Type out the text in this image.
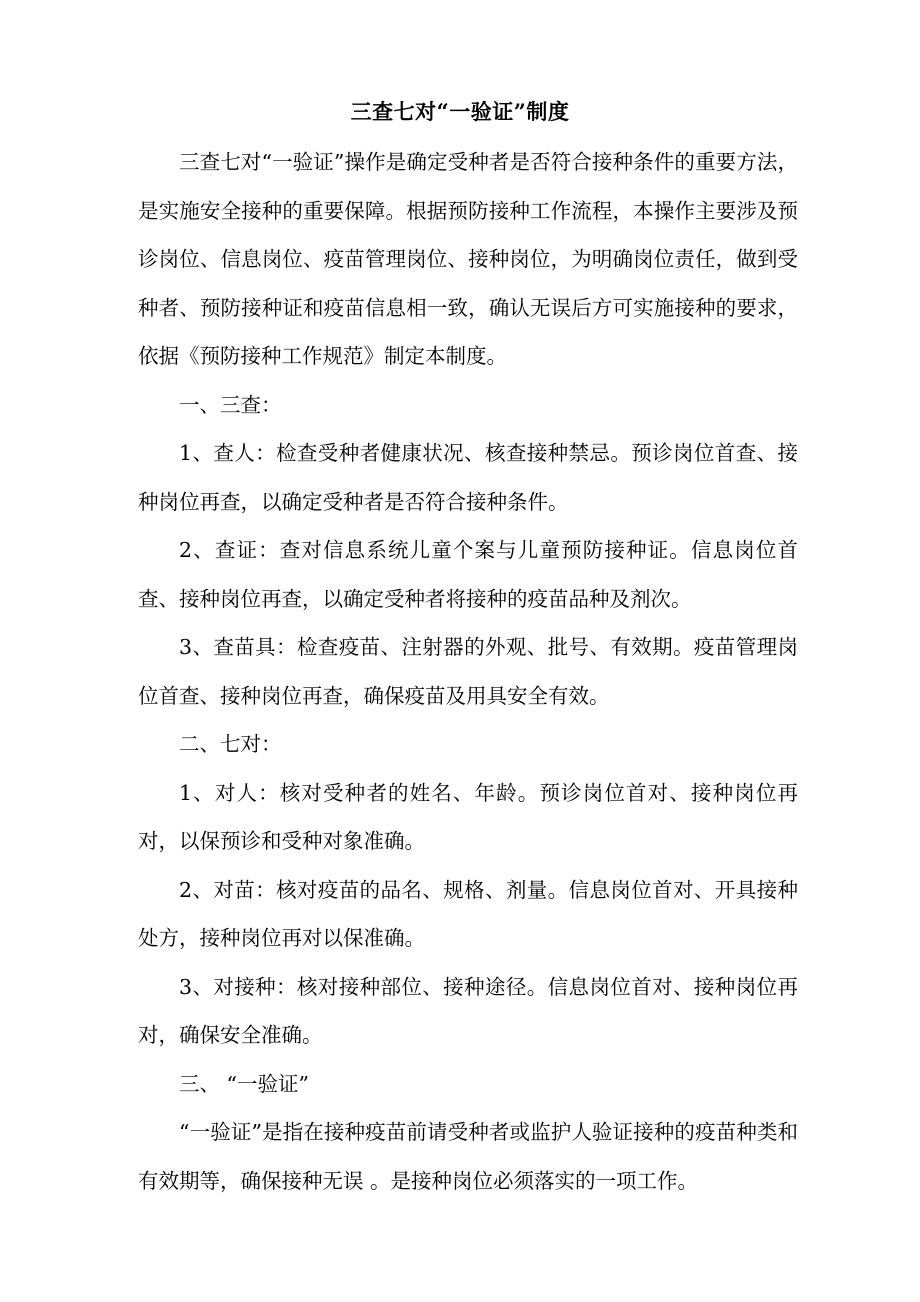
三查七对“一验证”制度

三查七对“一验证”操作是确定受种者是否符合接种条件的重要方法，是实施安全接种的重要保障。根据预防接种工作流程，本操作主要涉及预诊岗位、信息岗位、疫苗管理岗位、接种岗位，为明确岗位责任，做到受种者、预防接种证和疫苗信息相一致，确认无误后方可实施接种的要求，依据《预防接种工作规范》制定本制度。

一、三查：

1、查人：检查受种者健康状况、核查接种禁忌。预诊岗位首查、接种岗位再查，以确定受种者是否符合接种条件。

2、查证：查对信息系统儿童个案与儿童预防接种证。信息岗位首查、接种岗位再查，以确定受种者将接种的疫苗品种及剂次。

3、查苗具：检查疫苗、注射器的外观、批号、有效期。疫苗管理岗位首查、接种岗位再查，确保疫苗及用具安全有效。

二、七对：

1、对人：核对受种者的姓名、年龄。预诊岗位首对、接种岗位再对，以保预诊和受种对象准确。

2、对苗：核对疫苗的品名、规格、剂量。信息岗位首对、开具接种处方，接种岗位再对以保准确。

3、对接种：核对接种部位、接种途径。信息岗位首对、接种岗位再对，确保安全准确。

三、 “一验证”

“一验证”是指在接种疫苗前请受种者或监护人验证接种的疫苗种类和有效期等，确保接种无误 。是接种岗位必须落实的一项工作。
